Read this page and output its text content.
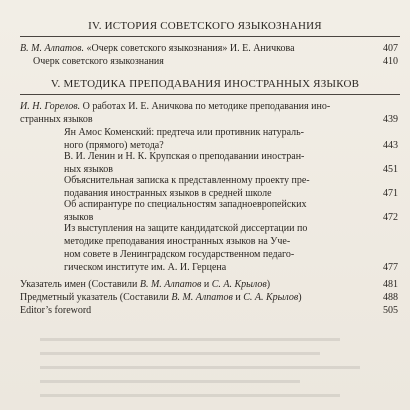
IV. ИСТОРИЯ СОВЕТСКОГО ЯЗЫКОЗНАНИЯ
В. М. Алпатов. «Очерк советского языкознания» И. Е. Аничкова	407
Очерк советского языкознания	410
V. МЕТОДИКА ПРЕПОДАВАНИЯ ИНОСТРАННЫХ ЯЗЫКОВ
И. Н. Горелов. О работах И. Е. Аничкова по методике преподавания ино-
странных языков	439
Ян Амос Коменский: предтеча или противник натураль-
ного (прямого) метода?	443
В. И. Ленин и Н. К. Крупская о преподавании иностран-
ных языков	451
Объяснительная записка к представленному проекту пре-
подавания иностранных языков в средней школе	471
Об аспирантуре по специальностям западноевропейских
языков	472
Из выступления на защите кандидатской диссертации по
методике преподавания иностранных языков на Уче-
ном совете в Ленинградском государственном педаго-
гическом институте им. А. И. Герцена	477
Указатель имен (Составили В. М. Алпатов и С. А. Крылов)	481
Предметный указатель (Составили В. М. Алпатов и С. А. Крылов)	488
Editor’s foreword	505
